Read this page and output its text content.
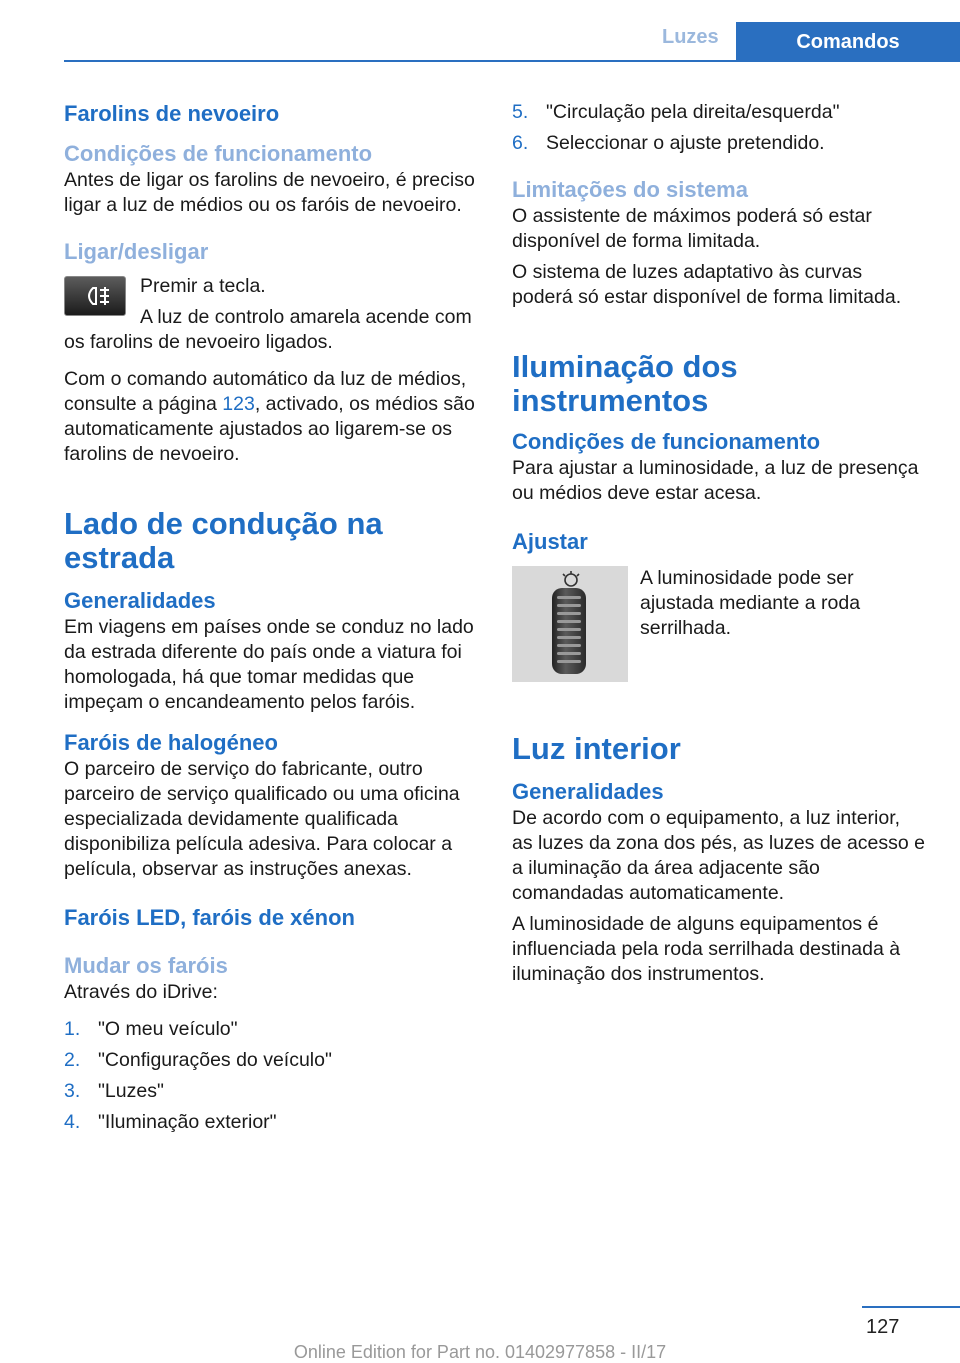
Luzes	Comandos

Farolins de nevoeiro

Condições de funcionamento

Antes de ligar os farolins de nevoeiro, é preciso ligar a luz de médios ou os faróis de nevoeiro.

Ligar/desligar

Premir a tecla.

A luz de controlo amarela acende com os farolins de nevoeiro ligados.

Com o comando automático da luz de médios, consulte a página 123, activado, os médios são automaticamente ajustados ao ligarem-se os farolins de nevoeiro.

Lado de condução na estrada

Generalidades

Em viagens em países onde se conduz no lado da estrada diferente do país onde a viatura foi homologada, há que tomar medidas que impeçam o encandeamento pelos faróis.

Faróis de halogéneo

O parceiro de serviço do fabricante, outro parceiro de serviço qualificado ou uma oficina especializada devidamente qualificada disponibiliza película adesiva. Para colocar a película, observar as instruções anexas.

Faróis LED, faróis de xénon

Mudar os faróis

Através do iDrive:

1. "O meu veículo"
2. "Configurações do veículo"
3. "Luzes"
4. "Iluminação exterior"
5. "Circulação pela direita/esquerda"
6. Seleccionar o ajuste pretendido.

Limitações do sistema

O assistente de máximos poderá só estar disponível de forma limitada.

O sistema de luzes adaptativo às curvas poderá só estar disponível de forma limitada.

Iluminação dos instrumentos

Condições de funcionamento

Para ajustar a luminosidade, a luz de presença ou médios deve estar acesa.

Ajustar

A luminosidade pode ser ajustada mediante a roda serrilhada.

Luz interior

Generalidades

De acordo com o equipamento, a luz interior, as luzes da zona dos pés, as luzes de acesso e a iluminação da área adjacente são comandadas automaticamente.

A luminosidade de alguns equipamentos é influenciada pela roda serrilhada destinada à iluminação dos instrumentos.

127
Online Edition for Part no. 01402977858 - II/17
